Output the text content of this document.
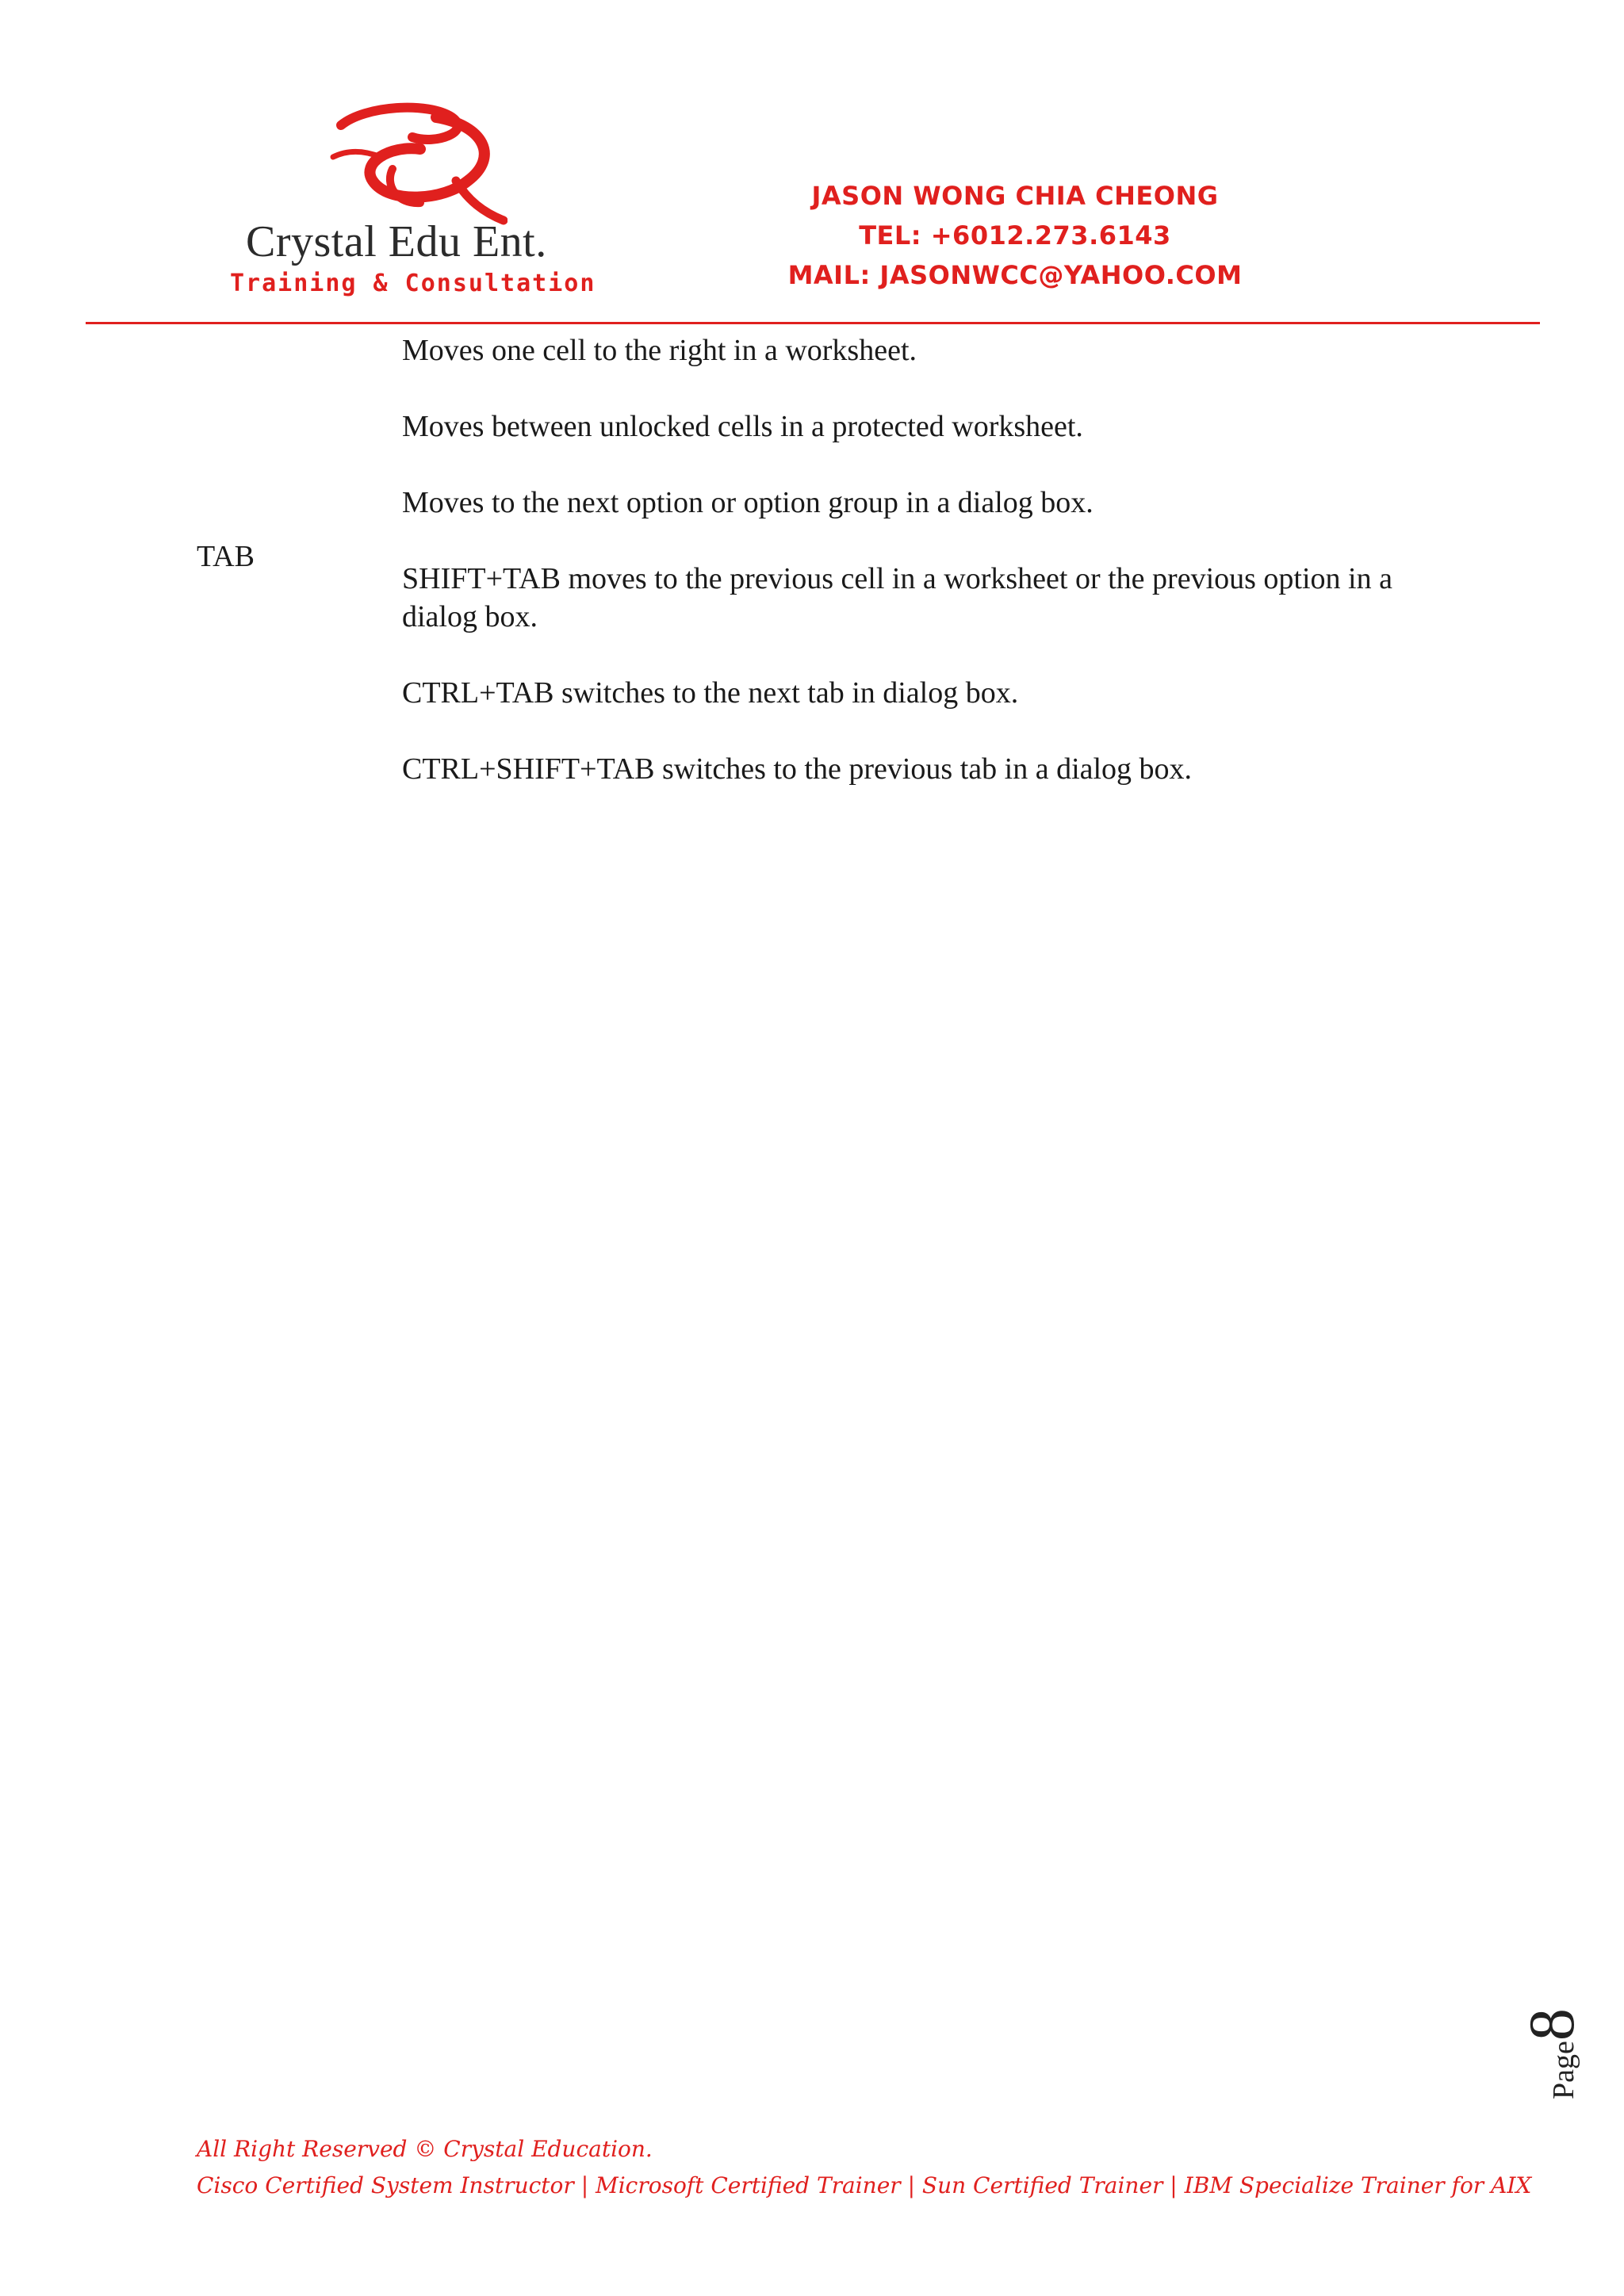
Crystal Edu Ent.
Training & Consultation
JASON WONG CHIA CHEONG
TEL: +6012.273.6143
MAIL: JASONWCC@YAHOO.COM
TAB

Moves one cell to the right in a worksheet.

Moves between unlocked cells in a protected worksheet.

Moves to the next option or option group in a dialog box.

SHIFT+TAB moves to the previous cell in a worksheet or the previous option in a dialog box.

CTRL+TAB switches to the next tab in dialog box.

CTRL+SHIFT+TAB switches to the previous tab in a dialog box.

Page8
All Right Reserved © Crystal Education.
Cisco Certified System Instructor | Microsoft Certified Trainer | Sun Certified Trainer | IBM Specialize Trainer for AIX
